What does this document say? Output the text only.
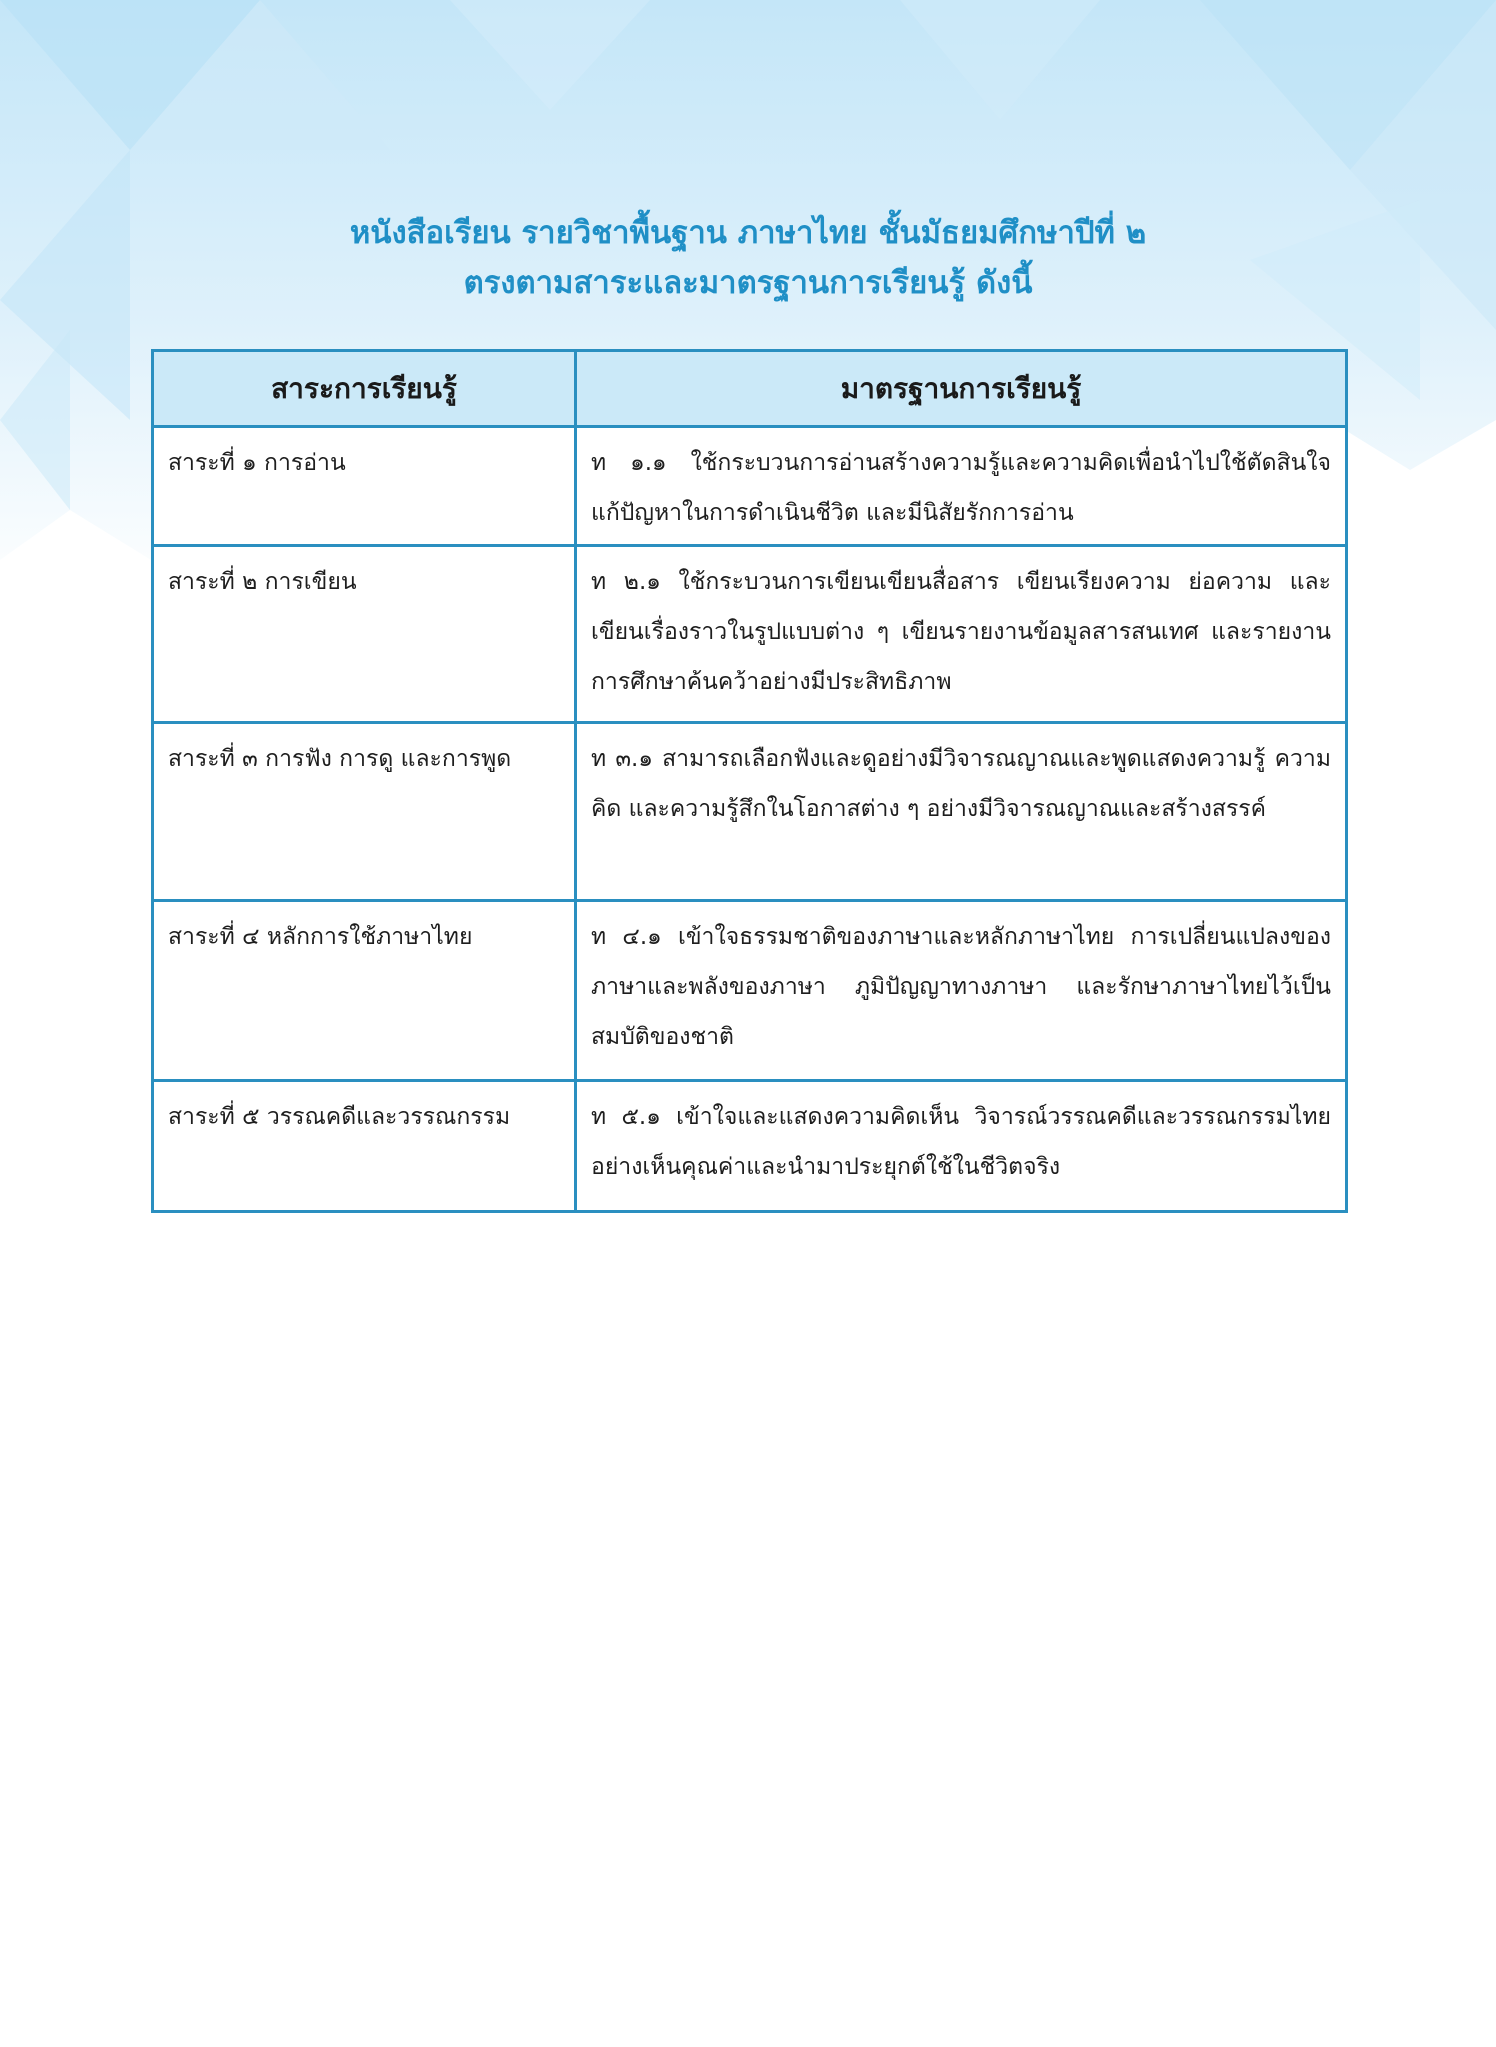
หนังสือเรียน รายวิชาพื้นฐาน ภาษาไทย ชั้นมัธยมศึกษาปีที่ ๒
ตรงตามสาระและมาตรฐานการเรียนรู้ ดังนี้
สาระการเรียนรู้	มาตรฐานการเรียนรู้
สาระที่ ๑ การอ่าน	ท ๑.๑ ใช้กระบวนการอ่านสร้างความรู้และความคิดเพื่อนำไปใช้ตัดสินใจ แก้ปัญหาในการดำเนินชีวิต และมีนิสัยรักการอ่าน
สาระที่ ๒ การเขียน	ท ๒.๑ ใช้กระบวนการเขียนเขียนสื่อสาร เขียนเรียงความ ย่อความ และเขียนเรื่องราวในรูปแบบต่าง ๆ เขียนรายงานข้อมูลสารสนเทศ และรายงานการศึกษาค้นคว้าอย่างมีประสิทธิภาพ
สาระที่ ๓ การฟัง การดู และการพูด	ท ๓.๑ สามารถเลือกฟังและดูอย่างมีวิจารณญาณและพูดแสดงความรู้ ความคิด และความรู้สึกในโอกาสต่าง ๆ อย่างมีวิจารณญาณและสร้างสรรค์
สาระที่ ๔ หลักการใช้ภาษาไทย	ท ๔.๑ เข้าใจธรรมชาติของภาษาและหลักภาษาไทย การเปลี่ยนแปลงของภาษาและพลังของภาษา ภูมิปัญญาทางภาษา และรักษาภาษาไทยไว้เป็นสมบัติของชาติ
สาระที่ ๕ วรรณคดีและวรรณกรรม	ท ๕.๑ เข้าใจและแสดงความคิดเห็น วิจารณ์วรรณคดีและวรรณกรรมไทยอย่างเห็นคุณค่าและนำมาประยุกต์ใช้ในชีวิตจริง
